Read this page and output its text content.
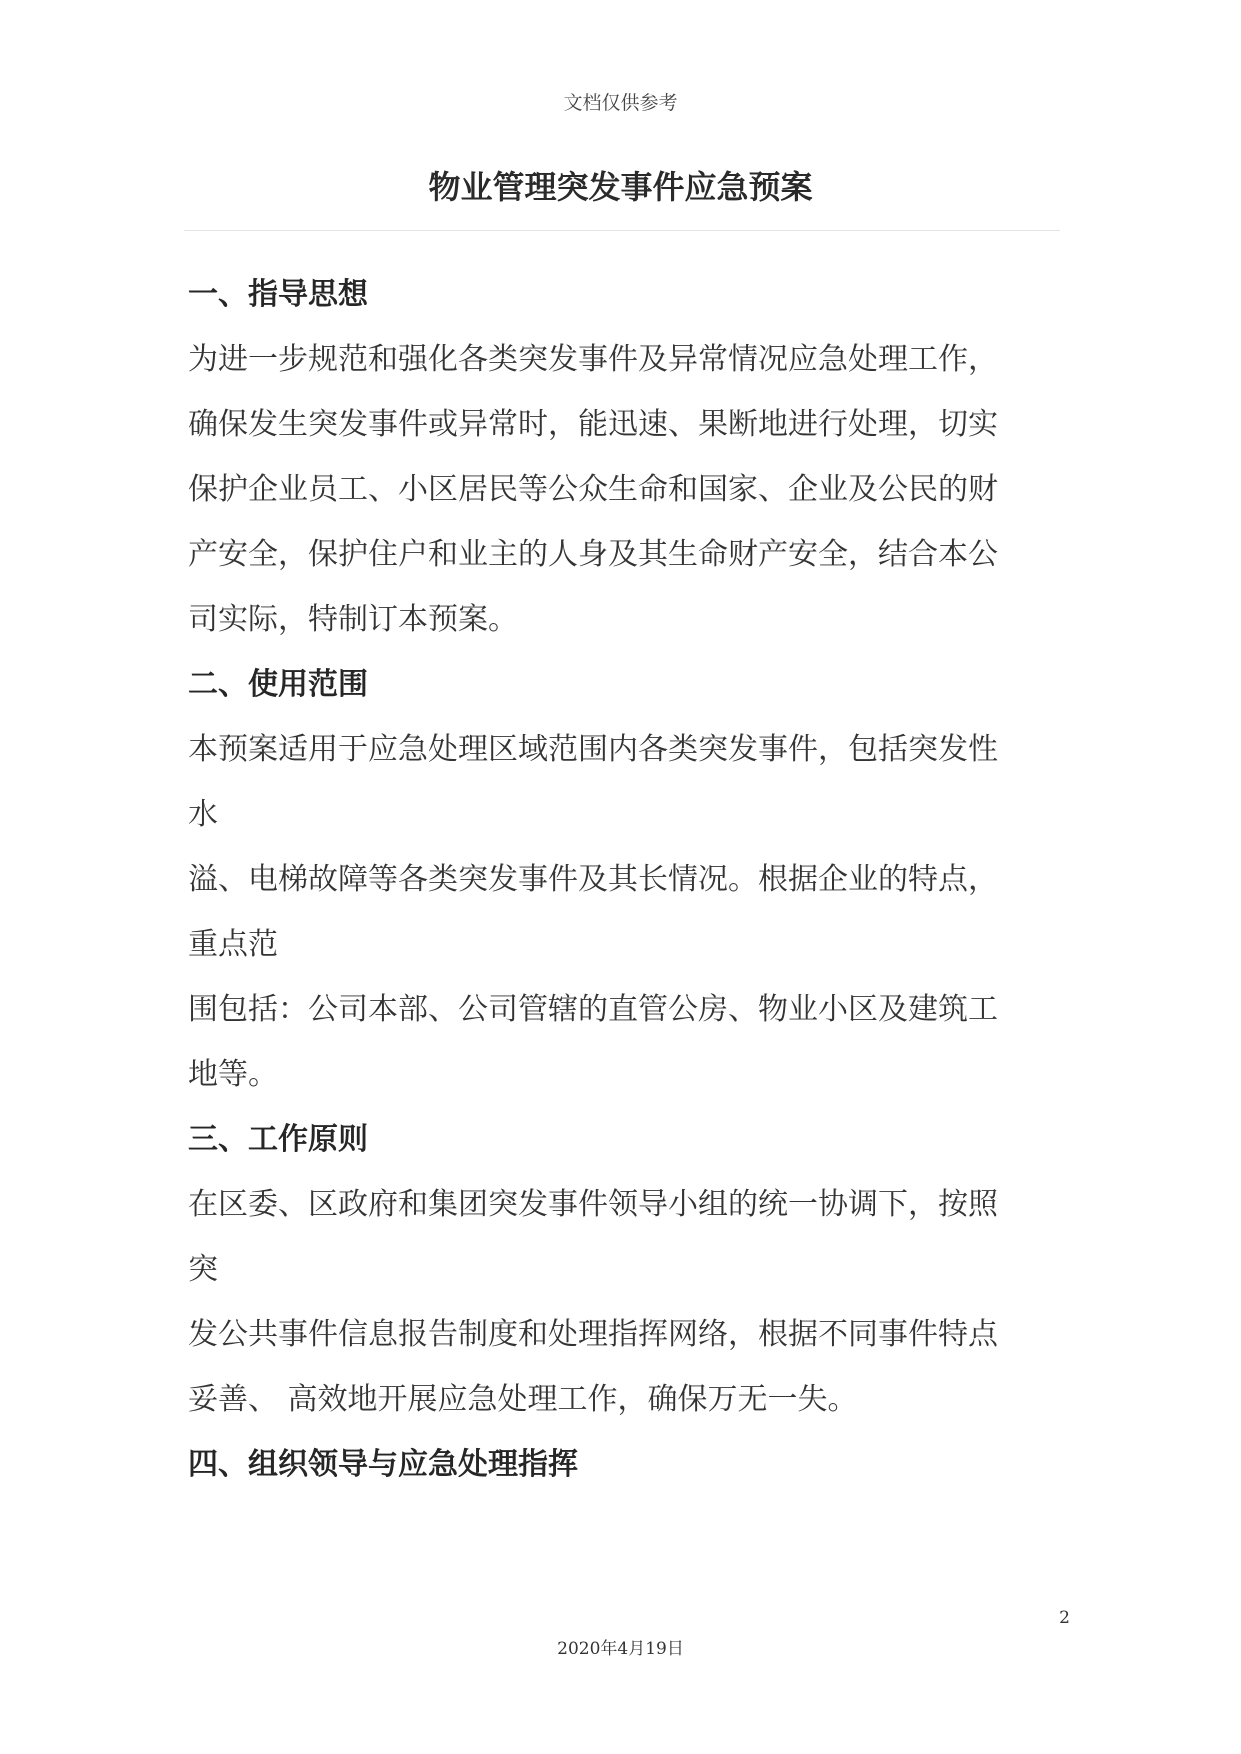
文档仅供参考
物业管理突发事件应急预案
一、指导思想
为进一步规范和强化各类突发事件及异常情况应急处理工作，
确保发生突发事件或异常时，能迅速、果断地进行处理，切实
保护企业员工、小区居民等公众生命和国家、企业及公民的财
产安全，保护住户和业主的人身及其生命财产安全，结合本公
司实际，特制订本预案。
二、使用范围
本预案适用于应急处理区域范围内各类突发事件，包括突发性
水
溢、电梯故障等各类突发事件及其长情况。根据企业的特点，
重点范
围包括：公司本部、公司管辖的直管公房、物业小区及建筑工
地等。
三、工作原则
在区委、区政府和集团突发事件领导小组的统一协调下，按照
突
发公共事件信息报告制度和处理指挥网络，根据不同事件特点
妥善、 高效地开展应急处理工作，确保万无一失。
四、组织领导与应急处理指挥
2
2020年4月19日
